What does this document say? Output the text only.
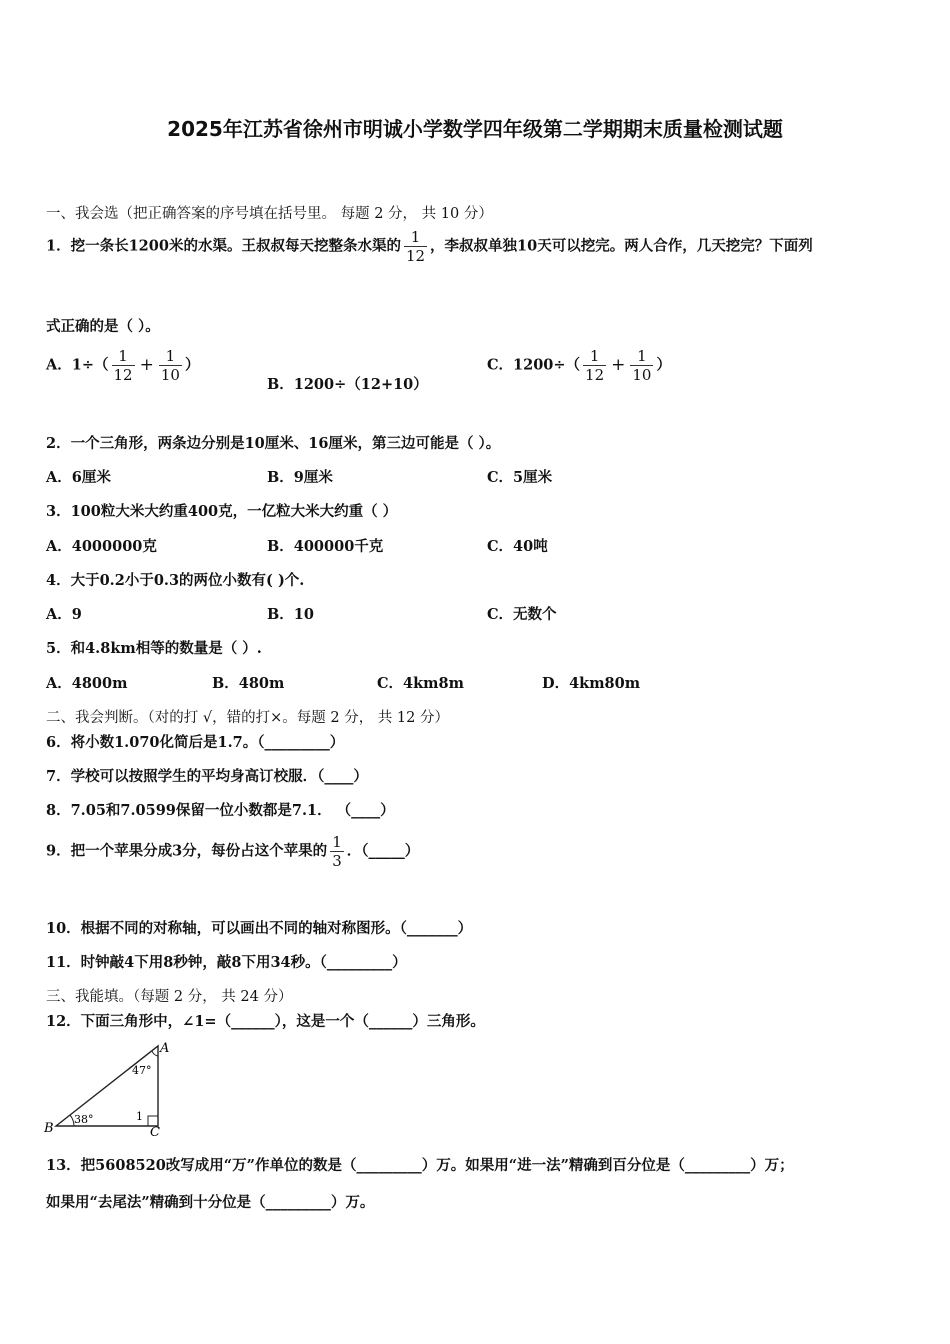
2025年江苏省徐州市明诚小学数学四年级第二学期期末质量检测试题
一、我会选（把正确答案的序号填在括号里。 每题 2 分， 共 10 分）
1．挖一条长1200米的水渠。王叔叔每天挖整条水渠的 $\frac{1}{12}$ ，李叔叔单独10天可以挖完。两人合作，几天挖完？下面列
式正确的是（ ）。
A．$1\div( \frac{1}{12} + \frac{1}{10}$ ）
B．1200÷（12+10）
C．$1200\div( \frac{1}{12} + \frac{1}{10}$ ）
2．一个三角形，两条边分别是10厘米、16厘米，第三边可能是（ ）。
A．6厘米	B．9厘米	C．5厘米
3．100粒大米大约重400克，一亿粒大米大约重（ ）
A．4000000克	B．400000千克	C．40吨
4．大于0.2小于0.3的两位小数有( )个.
A．9	B．10	C．无数个
5．和4.8km相等的数量是（ ）.
A．4800m	B．480m	C．4km8m	D．4km80m
二、我会判断。（对的打 √，错的打×。每题 2 分， 共 12 分）
6．将小数1.070化简后是1.7。（_________）
7．学校可以按照学生的平均身高订校服．（____）
8．7.05和7.0599保留一位小数都是7.1． （____）
9．把一个苹果分成3分，每份占这个苹果的 $\frac{1}{3}$ ．（_____）
10．根据不同的对称轴，可以画出不同的轴对称图形。（_______）
11．时钟敲4下用8秒钟，敲8下用34秒。（_________）
三、我能填。（每题 2 分， 共 24 分）
12．下面三角形中，∠1=（______），这是一个（______）三角形。
A
B	C
47°
38°	1
13．把5608520改写成用“万”作单位的数是（_________）万。如果用“进一法”精确到百分位是（_________）万；
如果用“去尾法”精确到十分位是（_________）万。
